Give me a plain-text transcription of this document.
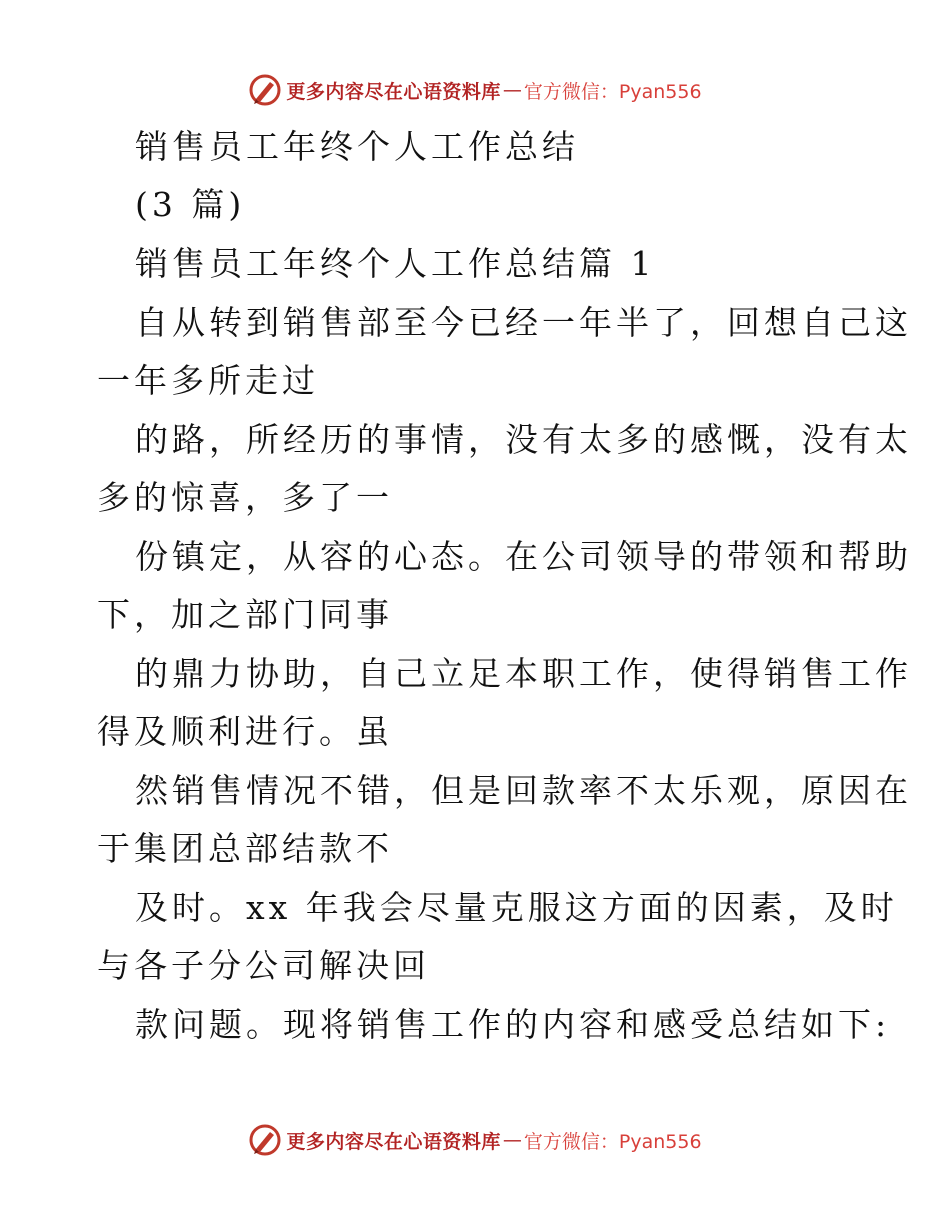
更多内容尽在心语资料库 — 官方微信：Pyan556
销售员工年终个人工作总结
(3 篇)
销售员工年终个人工作总结篇 1
自从转到销售部至今已经一年半了，回想自己这
一年多所走过
的路，所经历的事情，没有太多的感慨，没有太
多的惊喜，多了一
份镇定，从容的心态。在公司领导的带领和帮助
下，加之部门同事
的鼎力协助，自己立足本职工作，使得销售工作
得及顺利进行。虽
然销售情况不错，但是回款率不太乐观，原因在
于集团总部结款不
及时。xx 年我会尽量克服这方面的因素，及时
与各子分公司解决回
款问题。现将销售工作的内容和感受总结如下:
更多内容尽在心语资料库 — 官方微信：Pyan556
